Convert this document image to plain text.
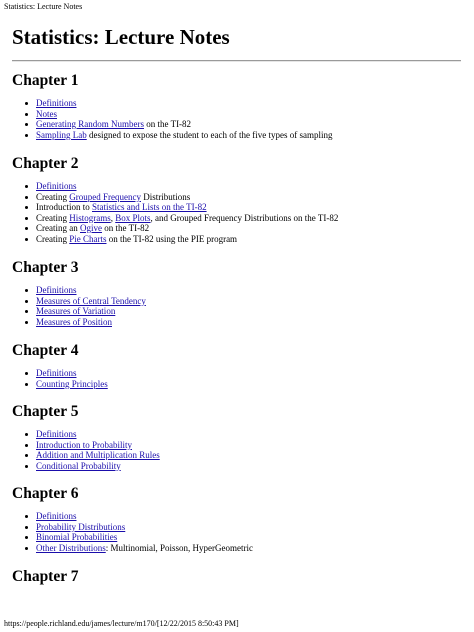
Statistics: Lecture Notes
Statistics: Lecture Notes
Chapter 1
Definitions
Notes
Generating Random Numbers on the TI-82
Sampling Lab designed to expose the student to each of the five types of sampling
Chapter 2
Definitions
Creating Grouped Frequency Distributions
Introduction to Statistics and Lists on the TI-82
Creating Histograms, Box Plots, and Grouped Frequency Distributions on the TI-82
Creating an Ogive on the TI-82
Creating Pie Charts on the TI-82 using the PIE program
Chapter 3
Definitions
Measures of Central Tendency
Measures of Variation
Measures of Position
Chapter 4
Definitions
Counting Principles
Chapter 5
Definitions
Introduction to Probability
Addition and Multiplication Rules
Conditional Probability
Chapter 6
Definitions
Probability Distributions
Binomial Probabilities
Other Distributions: Multinomial, Poisson, HyperGeometric
Chapter 7
https://people.richland.edu/james/lecture/m170/[12/22/2015 8:50:43 PM]
